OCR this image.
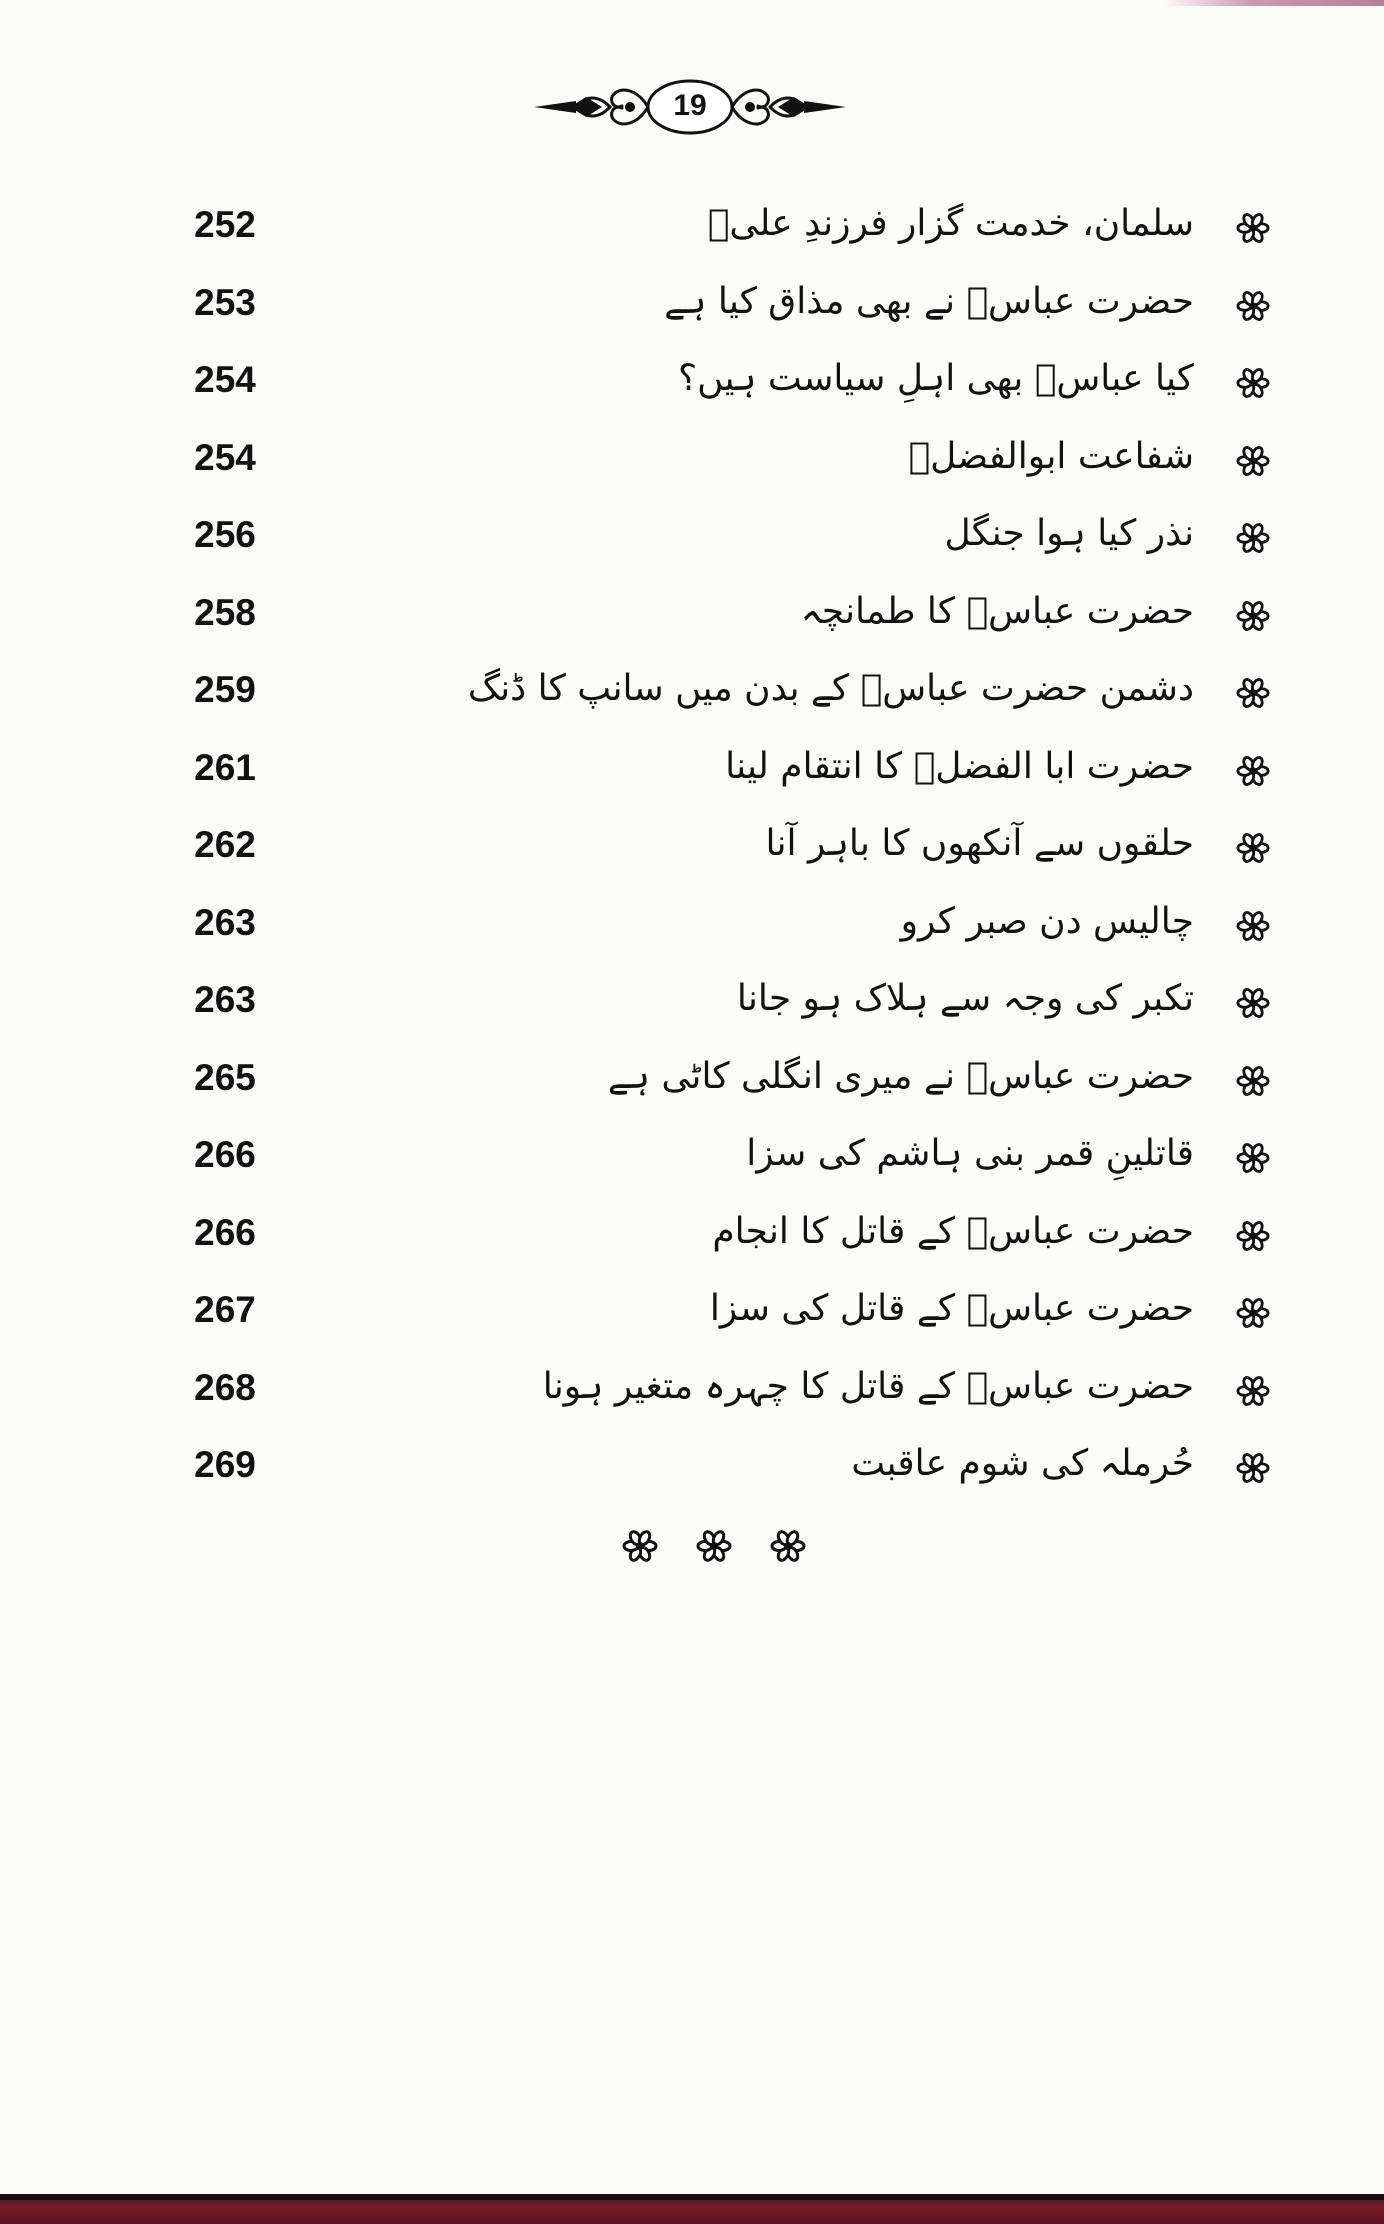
19
252	سلمان، خدمت گزار فرزندِ علیؑ
253	حضرت عباسؑ نے بھی مذاق کیا ہے
254	کیا عباسؑ بھی اہلِ سیاست ہیں؟
254	شفاعت ابوالفضلؑ
256	نذر کیا ہوا جنگل
258	حضرت عباسؑ کا طمانچہ
259	دشمن حضرت عباسؑ کے بدن میں سانپ کا ڈنگ
261	حضرت ابا الفضلؑ کا انتقام لینا
262	حلقوں سے آنکھوں کا باہر آنا
263	چالیس دن صبر کرو
263	تکبر کی وجہ سے ہلاک ہو جانا
265	حضرت عباسؑ نے میری انگلی کاٹی ہے
266	قاتلینِ قمر بنی ہاشم کی سزا
266	حضرت عباسؑ کے قاتل کا انجام
267	حضرت عباسؑ کے قاتل کی سزا
268	حضرت عباسؑ کے قاتل کا چہرہ متغیر ہونا
269	حُرملہ کی شوم عاقبت
